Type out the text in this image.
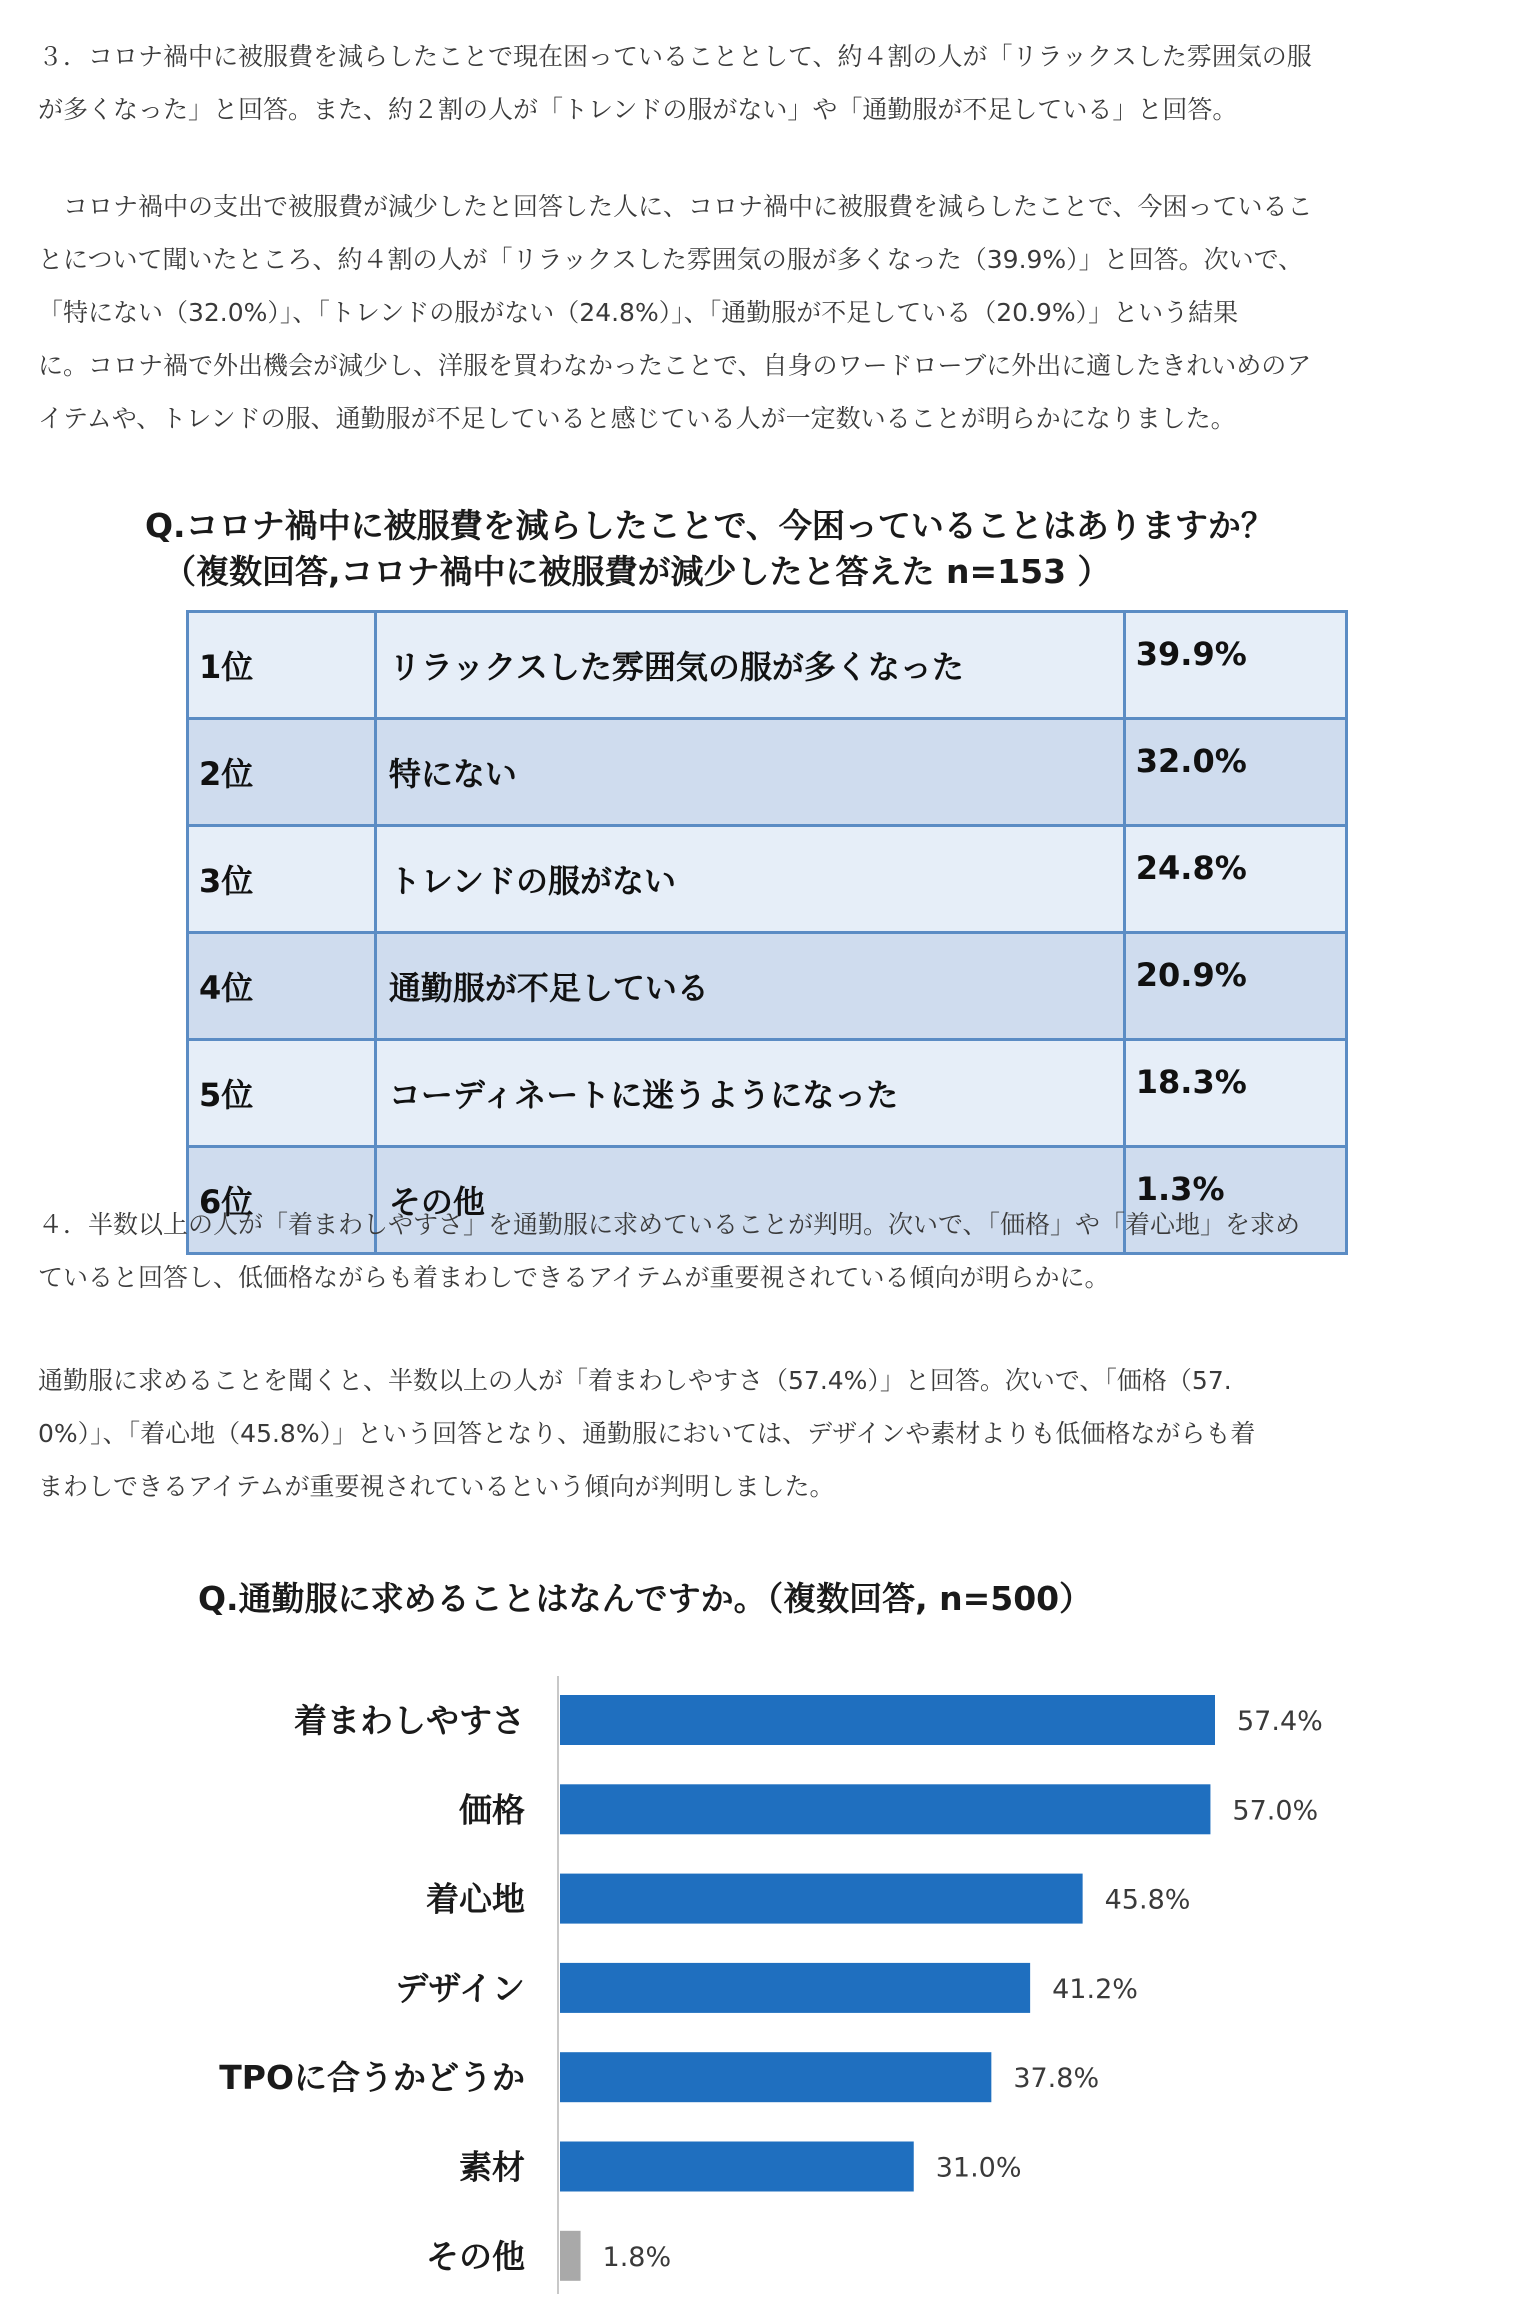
３．コロナ禍中に被服費を減らしたことで現在困っていることとして、約４割の人が「リラックスした雰囲気の服
が多くなった」と回答。また、約２割の人が「トレンドの服がない」や「通勤服が不足している」と回答。

　コロナ禍中の支出で被服費が減少したと回答した人に、コロナ禍中に被服費を減らしたことで、今困っているこ
とについて聞いたところ、約４割の人が「リラックスした雰囲気の服が多くなった（39.9%）」と回答。次いで、
「特にない（32.0%）」、「トレンドの服がない（24.8%）」、「通勤服が不足している（20.9%）」という結果
に。コロナ禍で外出機会が減少し、洋服を買わなかったことで、自身のワードローブに外出に適したきれいめのア
イテムや、トレンドの服、通勤服が不足していると感じている人が一定数いることが明らかになりました。

Q.コロナ禍中に被服費を減らしたことで、今困っていることはありますか？
（複数回答,コロナ禍中に被服費が減少したと答えた n=153 ）
1位	リラックスした雰囲気の服が多くなった	39.9%
2位	特にない	32.0%
3位	トレンドの服がない	24.8%
4位	通勤服が不足している	20.9%
5位	コーディネートに迷うようになった	18.3%
6位	その他	1.3%

４．半数以上の人が「着まわしやすさ」を通勤服に求めていることが判明。次いで、「価格」や「着心地」を求め
ていると回答し、低価格ながらも着まわしできるアイテムが重要視されている傾向が明らかに。

通勤服に求めることを聞くと、半数以上の人が「着まわしやすさ（57.4%）」と回答。次いで、「価格（57.
0%）」、「着心地（45.8%）」という回答となり、通勤服においては、デザインや素材よりも低価格ながらも着
まわしできるアイテムが重要視されているという傾向が判明しました。

Q.通勤服に求めることはなんですか。（複数回答, n=500）
着まわしやすさ	57.4%
価格	57.0%
着心地	45.8%
デザイン	41.2%
TPOに合うかどうか	37.8%
素材	31.0%
その他	1.8%
